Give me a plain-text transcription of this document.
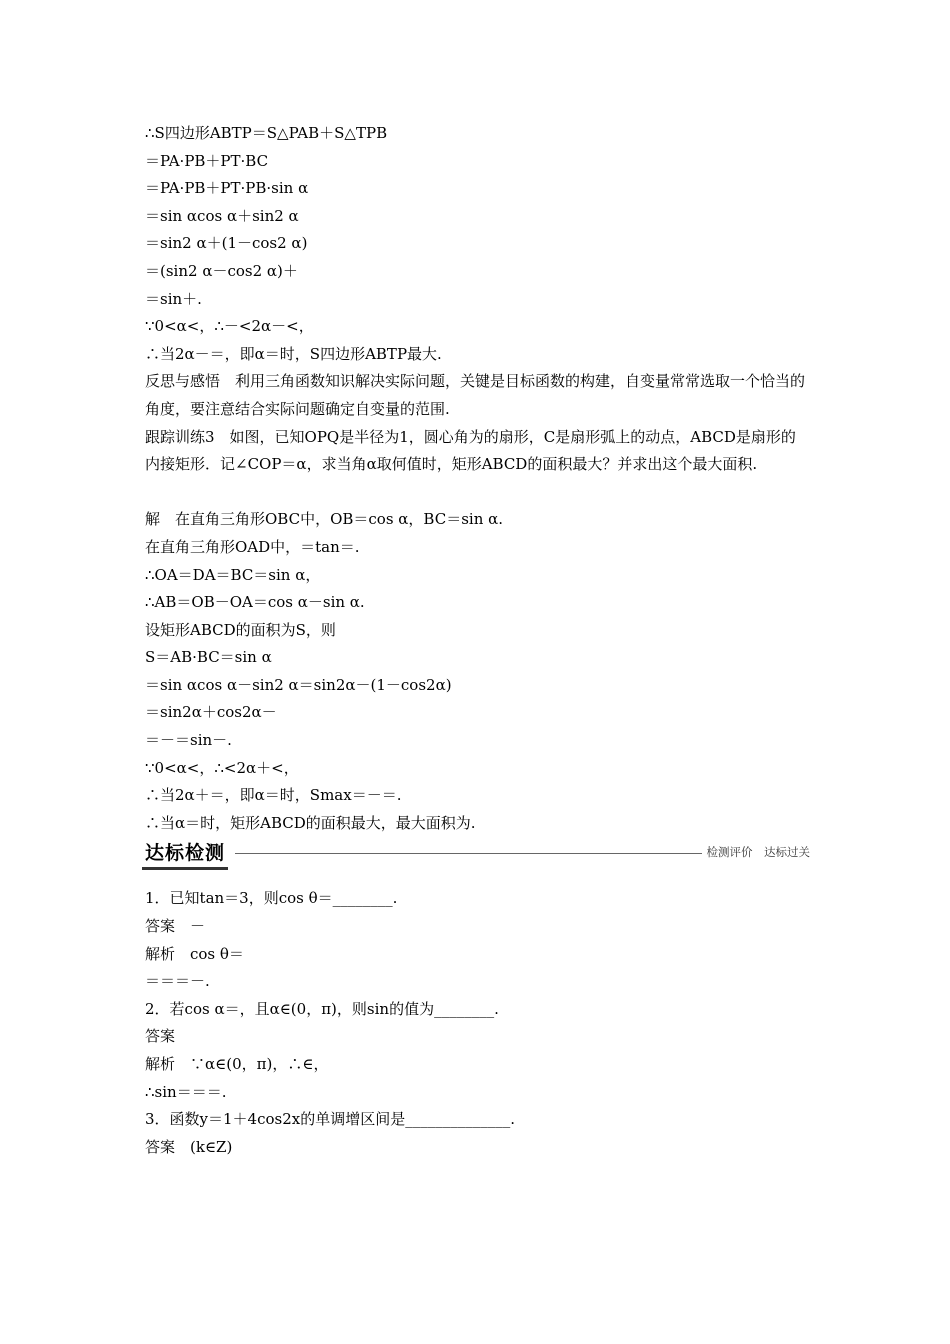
∴S四边形ABTP＝S△PAB＋S△TPB
＝PA·PB＋PT·BC
＝PA·PB＋PT·PB·sin α
＝sin αcos α＋sin2 α
＝sin2 α＋(1－cos2 α)
＝(sin2 α－cos2 α)＋
＝sin＋.
∵0<α<，∴－<2α－<，
∴当2α－＝，即α＝时，S四边形ABTP最大.
反思与感悟　利用三角函数知识解决实际问题，关键是目标函数的构建，自变量常常选取一个恰当的角度，要注意结合实际问题确定自变量的范围.
跟踪训练3　如图，已知OPQ是半径为1，圆心角为的扇形，C是扇形弧上的动点，ABCD是扇形的内接矩形．记∠COP＝α，求当角α取何值时，矩形ABCD的面积最大？并求出这个最大面积.
解　在直角三角形OBC中，OB＝cos α，BC＝sin α.
在直角三角形OAD中，＝tan＝.
∴OA＝DA＝BC＝sin α，
∴AB＝OB－OA＝cos α－sin α.
设矩形ABCD的面积为S，则
S＝AB·BC＝sin α
＝sin αcos α－sin2 α＝sin2α－(1－cos2α)
＝sin2α＋cos2α－
＝－＝sin－.
∵0<α<，∴<2α＋<，
∴当2α＋＝，即α＝时，Smax＝－＝.
∴当α＝时，矩形ABCD的面积最大，最大面积为.
达标检测	检测评价　达标过关
1．已知tan＝3，则cos θ＝________.
答案　－
解析　cos θ＝
＝＝＝－.
2．若cos α＝，且α∈(0，π)，则sin的值为________.
答案
解析　∵α∈(0，π)，∴∈，
∴sin＝＝＝.
3．函数y＝1＋4cos2x的单调增区间是______________.
答案　(k∈Z)
